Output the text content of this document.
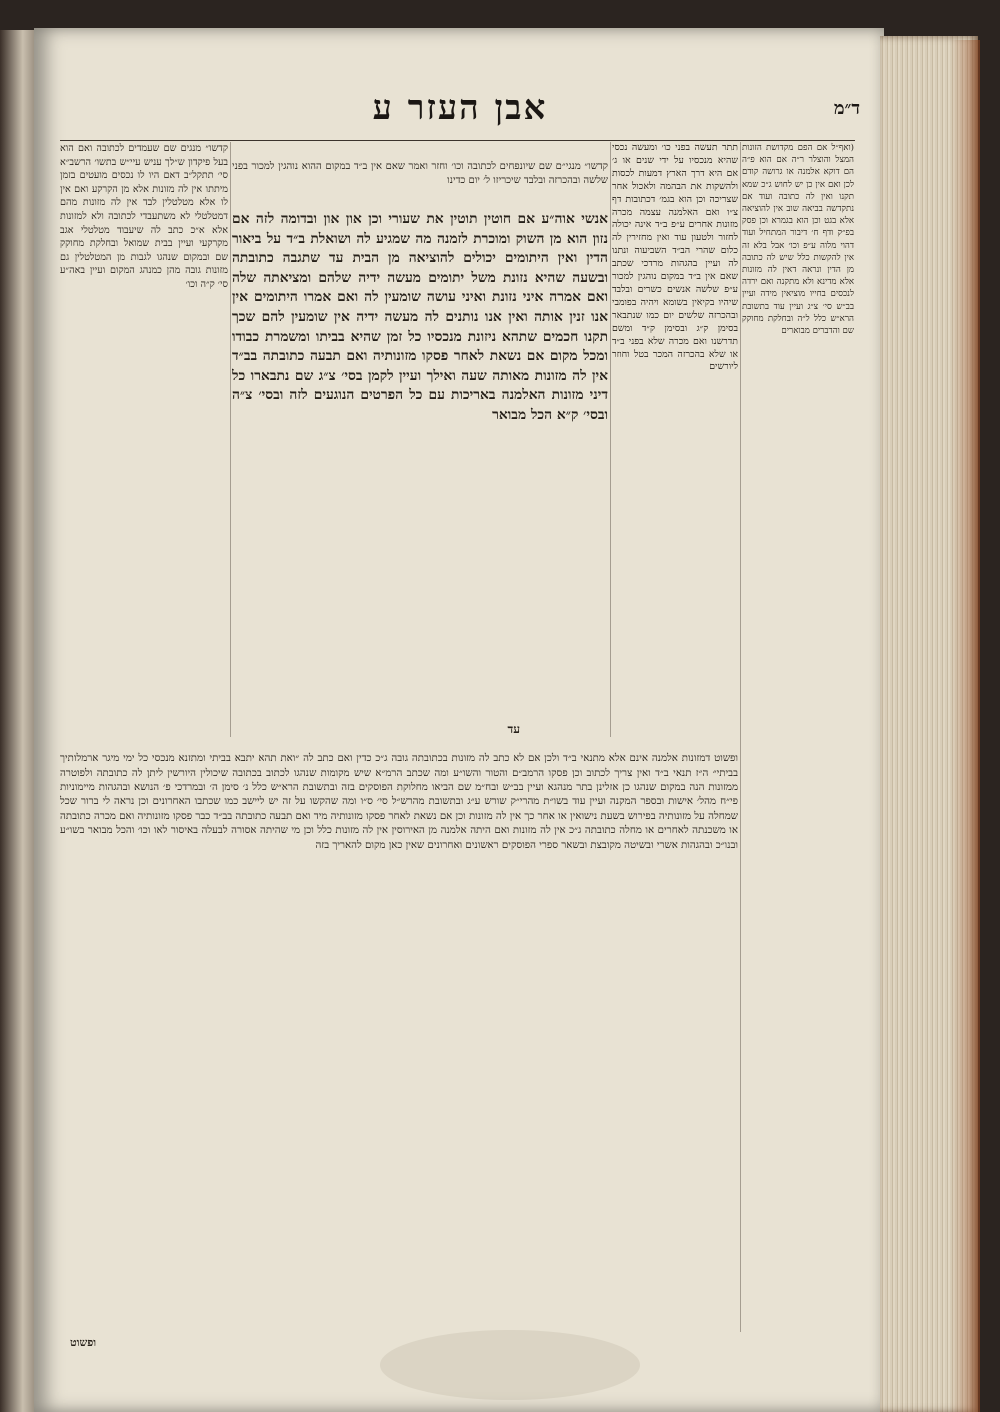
אבן העזר ע	ד״מ

(ואף״ל אם הפם מקדושת הזונות המצל והוצלר ר״ה אם הוא פ״ה הם דוקא אלמנה או גרושה קודם לכן ואם אין כן יש לחוש ג״כ שמא תקנו ואין לה כתובה ועוד אם נתקדשה בביאה שוב אין להוציאה אלא בגט וכן הוא בגמרא וכן פסק בפ״ק ודף ח׳ דיבור המתחיל ועוד דהוי מלוה ע״פ וכו׳ אבל בלא זה אין להקשות כלל שיש לה כתובה מן הדין ונראה דאין לה מזונות אלא מדינא ולא מתקנה ואם ירדה לנכסים בחייו מוציאין מידה ועיין בב״ש סי׳ צ״ג ועיין עוד בתשובת הרא״ש כלל ל״ה ובחלקת מחוקק שם והדברים מבוארים

תתר תעשה בפני כו׳ ומעשה נכסי שהיא מנכסיו על ידי שנים או ג׳ אם היא דרך הארץ דמעות לכסות ולהשקות את הבהמה ולאכול אחר שצריכה וכן הוא בגמ׳ דכתובות דף צ״ו ואם האלמנה עצמה מכרה מזונות אחרים ע״פ ב״ד אינה יכולה לחזור ולטעון עוד ואין מחזירין לה כלום שהרי הב״ד השביעוה ונתנו לה ועיין בהגהות מרדכי שכתב שאם אין ב״ד במקום נוהגין למכור ע״פ שלשה אנשים כשרים ובלבד שיהיו בקיאין בשומא ויהיה בפומבי ובהכרזה שלשים יום כמו שנתבאר בסימן ק״ג ובסימן ק״ד ומשם תדרשנו ואם מכרה שלא בפני ב״ד או שלא בהכרזה המכר בטל וחוזר ליורשים

קדשו״ מנגי״ם שם שיונפחים לכתובה וכו׳ וחזר ואמר שאם אין ב״ד במקום ההוא נוהגין למכור בפני שלשה ובהכרזה ובלבד שיכריזו ל׳ יום כדינו

אנשי אוה״ע אם חוטין תוטין את שעורי וכן און און ובדומה לזה אם נזון הוא מן השוק ומוכרת לזמנה מה שמגיע לה ושואלת ב״ד על ביאור הדין ואין היתומים יכולים להוציאה מן הבית עד שתגבה כתובתה ובשעה שהיא נזונת משל יתומים מעשה ידיה שלהם ומציאתה שלה ואם אמרה איני נזונת ואיני עושה שומעין לה ואם אמרו היתומים אין אנו זנין אותה ואין אנו נותנים לה מעשה ידיה אין שומעין להם שכך תקנו חכמים שתהא ניזונת מנכסיו כל זמן שהיא בביתו ומשמרת כבודו ומכל מקום אם נשאת לאחר פסקו מזונותיה ואם תבעה כתובתה בב״ד אין לה מזונות מאותה שעה ואילך ועיין לקמן בסי׳ צ״ג שם נתבארו כל דיני מזונות האלמנה באריכות עם כל הפרטים הנוגעים לזה ובסי׳ צ״ה ובסי׳ ק״א הכל מבואר

קדשו״ מנגים שם שעמדים לכתובה ואם הוא בעל פיקדון ש״לך עניש עיי״ש בתשו׳ הרשב״א סי׳ תתקל״ב דאם היו לו נכסים מועטים בזמן מיתתו אין לה מזונות אלא מן הקרקע ואם אין לו אלא מטלטלין לבד אין לה מזונות מהם דמטלטלי לא משתעבדי לכתובה ולא למזונות אלא א״כ כתב לה שיעבוד מטלטלי אגב מקרקעי ועיין בבית שמואל ובחלקת מחוקק שם ובמקום שנהגו לגבות מן המטלטלין גם מזונות גובה מהן כמנהג המקום ועיין באה״ע סי׳ ק״ה וכו׳

עד

ופשוט דמזונות אלמנה אינם אלא מתנאי ב״ד ולכן אם לא כתב לה מזונות בכתובתה גובה ג״כ כדין ואם כתב לה ״ואת תהא יתבא בביתי ומתזנא מנכסי כל ימי מיגר ארמלותיך בביתי״ ה״ז תנאי ב״ד ואין צריך לכתוב וכן פסקו הרמב״ם והטור והשו״ע ומה שכתב הרמ״א שיש מקומות שנהגו לכתוב בכתובה שיכולין היורשין ליתן לה כתובתה ולפוטרה ממזונות הנה במקום שנהגו כן אזלינן בתר מנהגא ועיין בב״ש ובח״מ שם הביאו מחלוקת הפוסקים בזה ובתשובת הרא״ש כלל נ׳ סימן ה׳ ובמרדכי פ׳ הנושא ובהגהות מיימוניות פי״ח מהל׳ אישות ובספר המקנה ועיין עוד בשו״ת מהרי״ק שורש ע״ג ובתשובת מהרש״ל סי׳ ס״ו ומה שהקשו על זה יש ליישב כמו שכתבו האחרונים וכן נראה לי ברור שכל שמחלה על מזונותיה בפירוש בשעת נישואין או אחר כך אין לה מזונות וכן אם נשאת לאחר פסקו מזונותיה מיד ואם תבעה כתובתה בב״ד כבר פסקו מזונותיה ואם מכרה כתובתה או משכנתה לאחרים או מחלה כתובתה ג״כ אין לה מזונות ואם היתה אלמנה מן האירוסין אין לה מזונות כלל וכן מי שהיתה אסורה לבעלה באיסור לאו וכו׳ והכל מבואר בשו״ע ובנו״כ ובהגהות אשרי ובשיטה מקובצת ובשאר ספרי הפוסקים ראשונים ואחרונים שאין כאן מקום להאריך בזה

ופשוט
